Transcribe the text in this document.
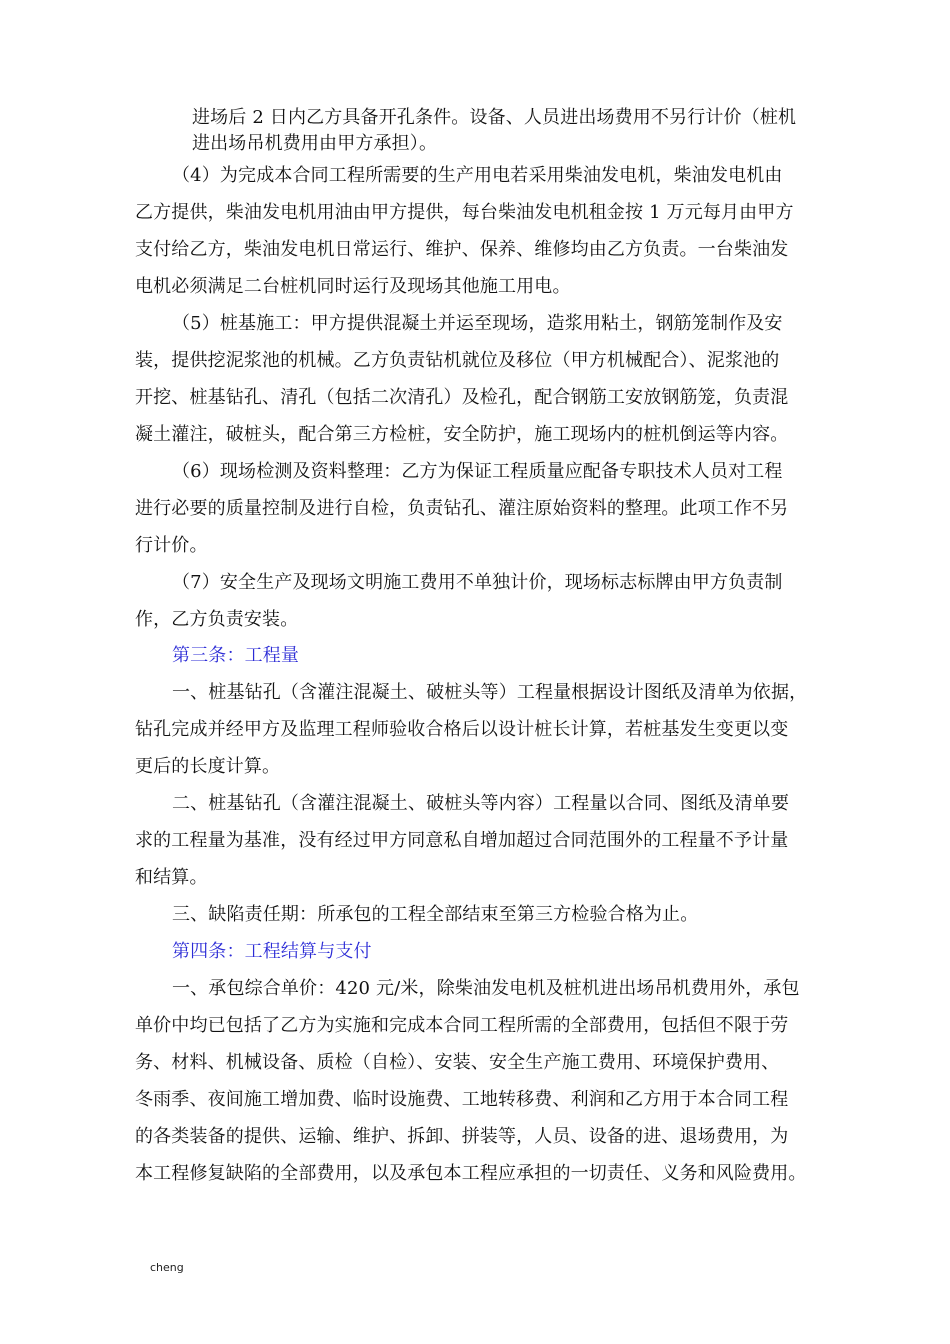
进场后 2 日内乙方具备开孔条件。设备、人员进出场费用不另行计价（桩机
进出场吊机费用由甲方承担）。
（4）为完成本合同工程所需要的生产用电若采用柴油发电机，柴油发电机由
乙方提供，柴油发电机用油由甲方提供，每台柴油发电机租金按 1 万元每月由甲方
支付给乙方，柴油发电机日常运行、维护、保养、维修均由乙方负责。一台柴油发
电机必须满足二台桩机同时运行及现场其他施工用电。
（5）桩基施工：甲方提供混凝土并运至现场，造浆用粘土，钢筋笼制作及安
装，提供挖泥浆池的机械。乙方负责钻机就位及移位（甲方机械配合）、泥浆池的
开挖、桩基钻孔、清孔（包括二次清孔）及检孔，配合钢筋工安放钢筋笼，负责混
凝土灌注，破桩头，配合第三方检桩，安全防护，施工现场内的桩机倒运等内容。
（6）现场检测及资料整理：乙方为保证工程质量应配备专职技术人员对工程
进行必要的质量控制及进行自检，负责钻孔、灌注原始资料的整理。此项工作不另
行计价。
（7）安全生产及现场文明施工费用不单独计价，现场标志标牌由甲方负责制
作，乙方负责安装。
第三条：工程量
一、桩基钻孔（含灌注混凝土、破桩头等）工程量根据设计图纸及清单为依据，
钻孔完成并经甲方及监理工程师验收合格后以设计桩长计算，若桩基发生变更以变
更后的长度计算。
二、桩基钻孔（含灌注混凝土、破桩头等内容）工程量以合同、图纸及清单要
求的工程量为基准，没有经过甲方同意私自增加超过合同范围外的工程量不予计量
和结算。
三、缺陷责任期：所承包的工程全部结束至第三方检验合格为止。
第四条：工程结算与支付
一、承包综合单价：420 元/米，除柴油发电机及桩机进出场吊机费用外，承包
单价中均已包括了乙方为实施和完成本合同工程所需的全部费用，包括但不限于劳
务、材料、机械设备、质检（自检）、安装、安全生产施工费用、环境保护费用、
冬雨季、夜间施工增加费、临时设施费、工地转移费、利润和乙方用于本合同工程
的各类装备的提供、运输、维护、拆卸、拼装等，人员、设备的进、退场费用，为
本工程修复缺陷的全部费用，以及承包本工程应承担的一切责任、义务和风险费用。
cheng
